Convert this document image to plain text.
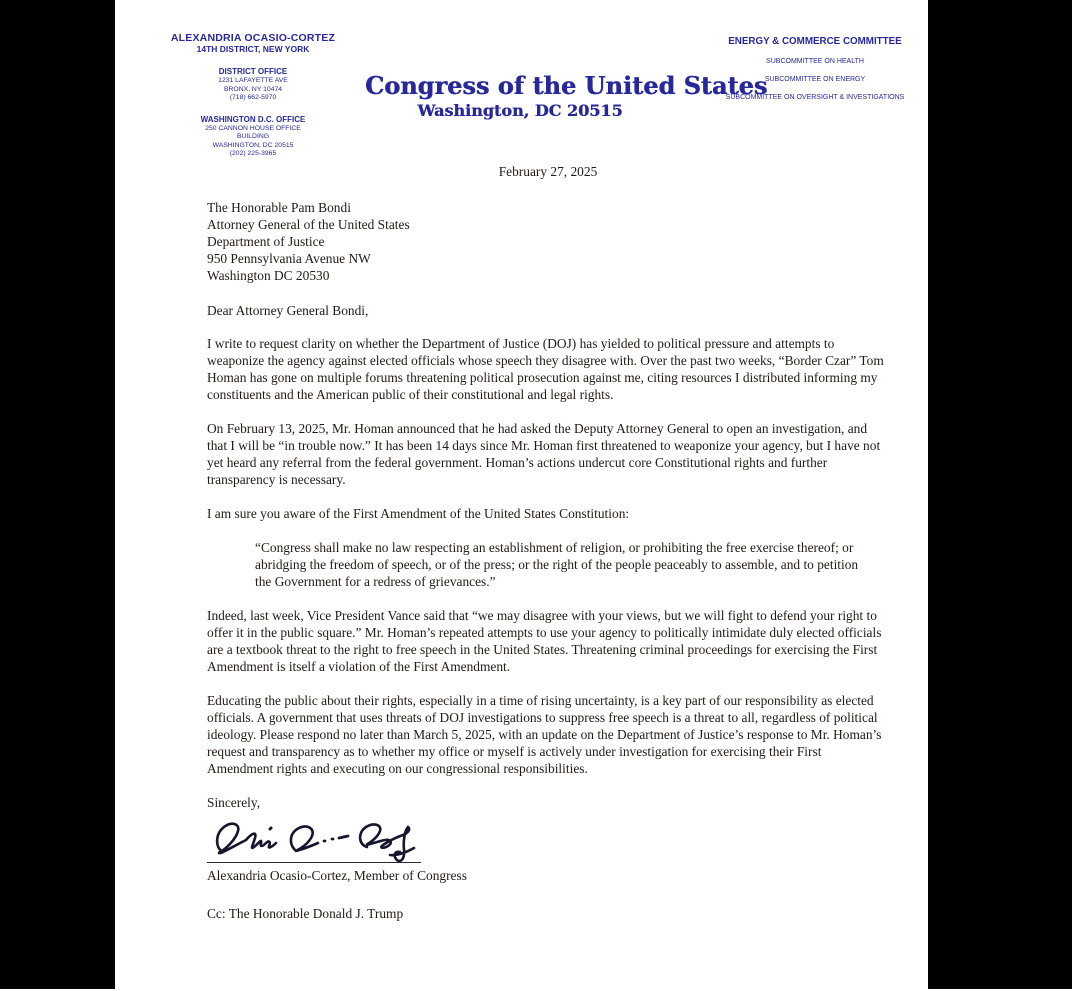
ALEXANDRIA OCASIO-CORTEZ
14TH DISTRICT, NEW YORK
DISTRICT OFFICE
1231 LAFAYETTE AVE
BRONX, NY 10474
(718) 662-5970
WASHINGTON D.C. OFFICE
250 CANNON HOUSE OFFICE
BUILDING
WASHINGTON, DC 20515
(202) 225-3965
Congress of the United States
Washington, DC 20515
ENERGY & COMMERCE COMMITTEE
SUBCOMMITTEE ON HEALTH
SUBCOMMITTEE ON ENERGY
SUBCOMMITTEE ON OVERSIGHT & INVESTIGATIONS
February 27, 2025
The Honorable Pam Bondi
Attorney General of the United States
Department of Justice
950 Pennsylvania Avenue NW
Washington DC 20530
Dear Attorney General Bondi,

I write to request clarity on whether the Department of Justice (DOJ) has yielded to political pressure and attempts to weaponize the agency against elected officials whose speech they disagree with. Over the past two weeks, “Border Czar” Tom Homan has gone on multiple forums threatening political prosecution against me, citing resources I distributed informing my constituents and the American public of their constitutional and legal rights.

On February 13, 2025, Mr. Homan announced that he had asked the Deputy Attorney General to open an investigation, and that I will be “in trouble now.” It has been 14 days since Mr. Homan first threatened to weaponize your agency, but I have not yet heard any referral from the federal government. Homan’s actions undercut core Constitutional rights and further transparency is necessary.

I am sure you aware of the First Amendment of the United States Constitution:

“Congress shall make no law respecting an establishment of religion, or prohibiting the free exercise thereof; or abridging the freedom of speech, or of the press; or the right of the people peaceably to assemble, and to petition the Government for a redress of grievances.”

Indeed, last week, Vice President Vance said that “we may disagree with your views, but we will fight to defend your right to offer it in the public square.” Mr. Homan’s repeated attempts to use your agency to politically intimidate duly elected officials are a textbook threat to the right to free speech in the United States. Threatening criminal proceedings for exercising the First Amendment is itself a violation of the First Amendment.

Educating the public about their rights, especially in a time of rising uncertainty, is a key part of our responsibility as elected officials. A government that uses threats of DOJ investigations to suppress free speech is a threat to all, regardless of political ideology. Please respond no later than March 5, 2025, with an update on the Department of Justice’s response to Mr. Homan’s request and transparency as to whether my office or myself is actively under investigation for exercising their First Amendment rights and executing on our congressional responsibilities.

Sincerely,
Alexandria Ocasio-Cortez, Member of Congress
Cc: The Honorable Donald J. Trump
